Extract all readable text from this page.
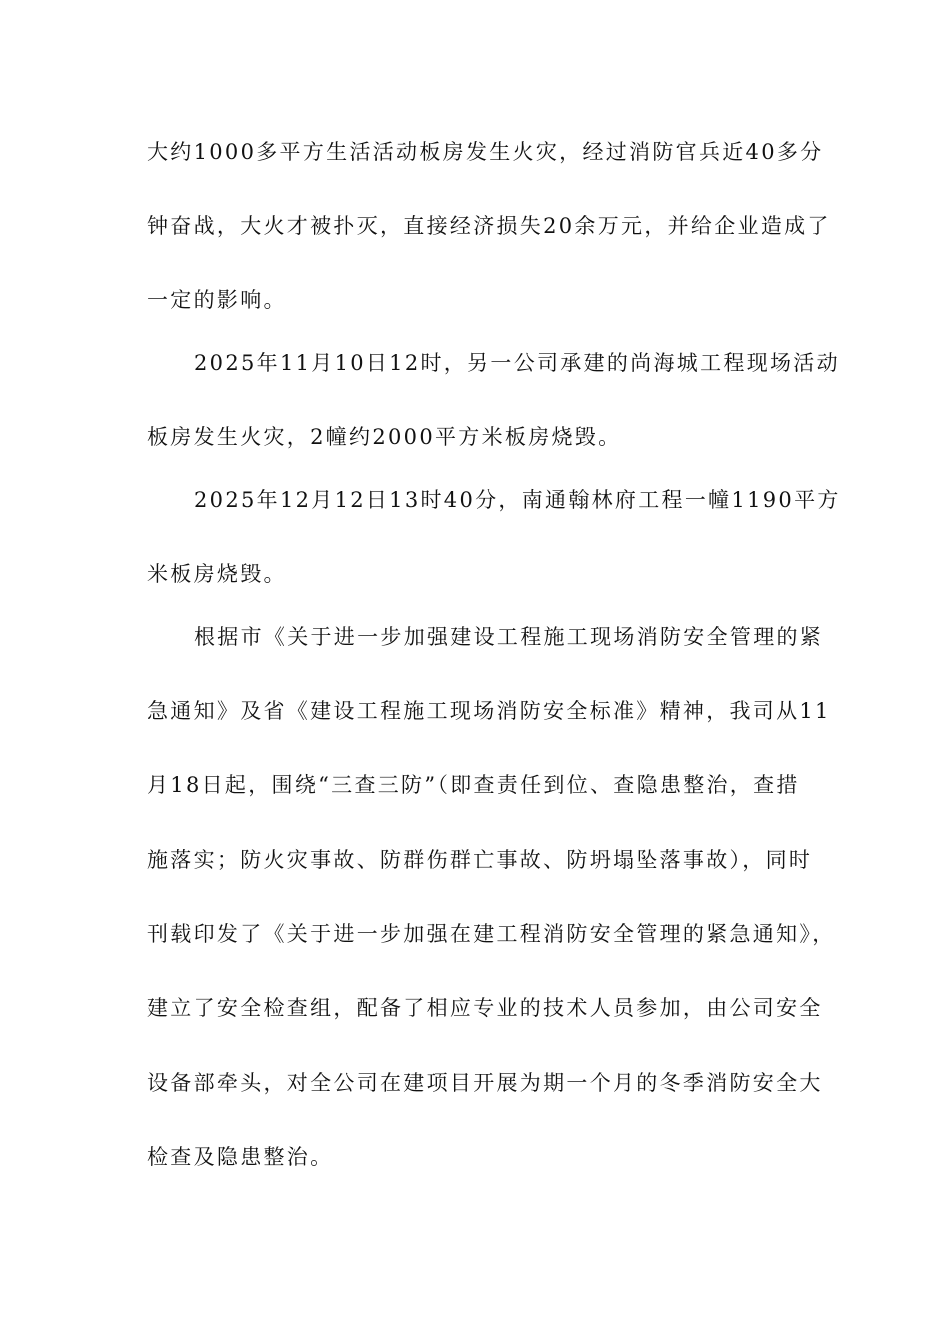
大约1000多平方生活活动板房发生火灾，经过消防官兵近40多分
钟奋战，大火才被扑灭，直接经济损失20余万元，并给企业造成了
一定的影响。
2025年11月10日12时，另一公司承建的尚海城工程现场活动
板房发生火灾，2幢约2000平方米板房烧毁。
2025年12月12日13时40分，南通翰林府工程一幢1190平方
米板房烧毁。
根据市《关于进一步加强建设工程施工现场消防安全管理的紧
急通知》及省《建设工程施工现场消防安全标准》精神，我司从11
月18日起，围绕“三查三防”（即查责任到位、查隐患整治，查措
施落实；防火灾事故、防群伤群亡事故、防坍塌坠落事故），同时
刊载印发了《关于进一步加强在建工程消防安全管理的紧急通知》，
建立了安全检查组，配备了相应专业的技术人员参加，由公司安全
设备部牵头，对全公司在建项目开展为期一个月的冬季消防安全大
检查及隐患整治。
